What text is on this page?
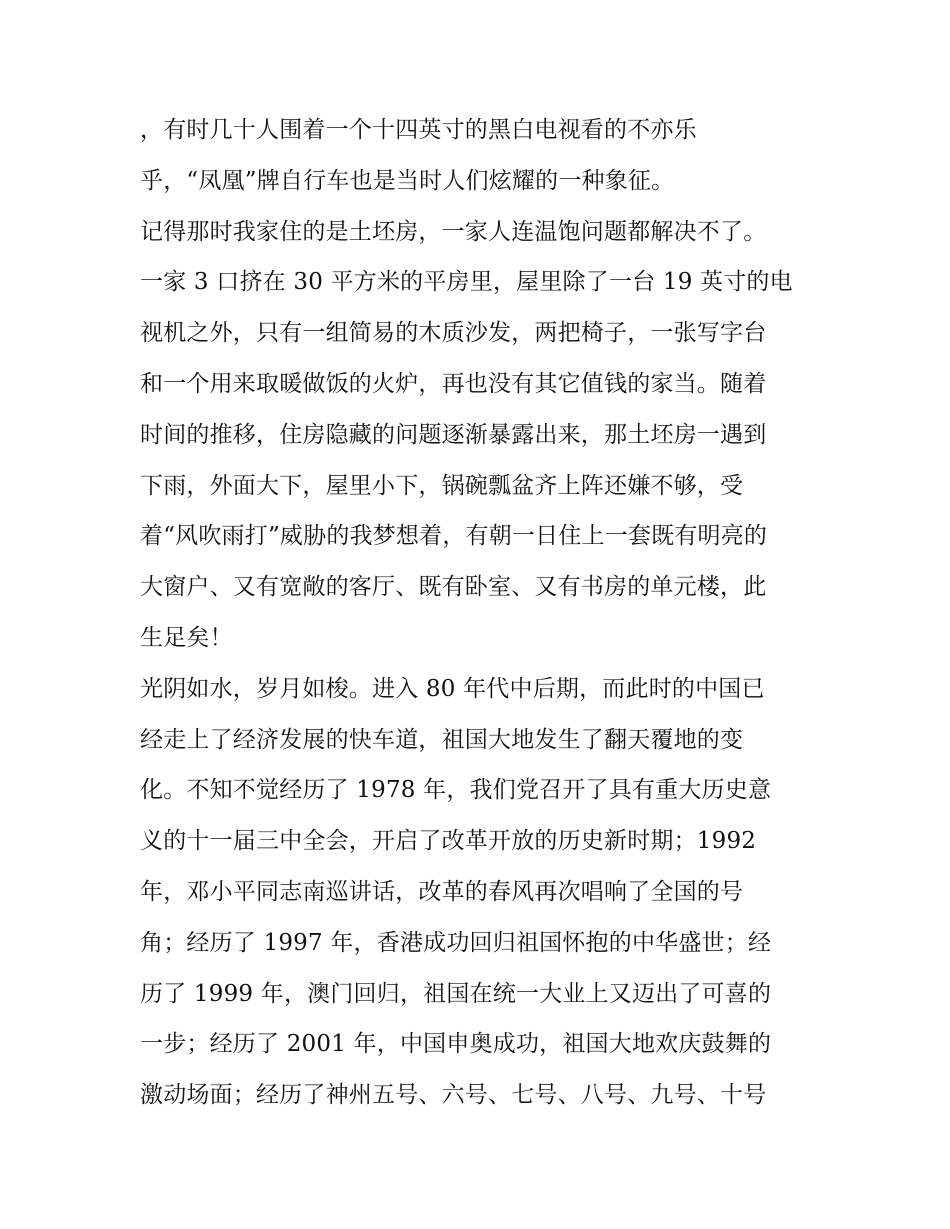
，有时几十人围着一个十四英寸的黑白电视看的不亦乐
乎，“凤凰”牌自行车也是当时人们炫耀的一种象征。
记得那时我家住的是土坯房，一家人连温饱问题都解决不了。
一家 3 口挤在 30 平方米的平房里，屋里除了一台 19 英寸的电
视机之外，只有一组简易的木质沙发，两把椅子，一张写字台
和一个用来取暖做饭的火炉，再也没有其它值钱的家当。随着
时间的推移，住房隐藏的问题逐渐暴露出来，那土坯房一遇到
下雨，外面大下，屋里小下，锅碗瓢盆齐上阵还嫌不够，受
着“风吹雨打”威胁的我梦想着，有朝一日住上一套既有明亮的
大窗户、又有宽敞的客厅、既有卧室、又有书房的单元楼，此
生足矣！
光阴如水，岁月如梭。进入 80 年代中后期，而此时的中国已
经走上了经济发展的快车道，祖国大地发生了翻天覆地的变
化。不知不觉经历了 1978 年，我们党召开了具有重大历史意
义的十一届三中全会，开启了改革开放的历史新时期；1992
年，邓小平同志南巡讲话，改革的春风再次唱响了全国的号
角；经历了 1997 年，香港成功回归祖国怀抱的中华盛世；经
历了 1999 年，澳门回归，祖国在统一大业上又迈出了可喜的
一步；经历了 2001 年，中国申奥成功，祖国大地欢庆鼓舞的
激动场面；经历了神州五号、六号、七号、八号、九号、十号
